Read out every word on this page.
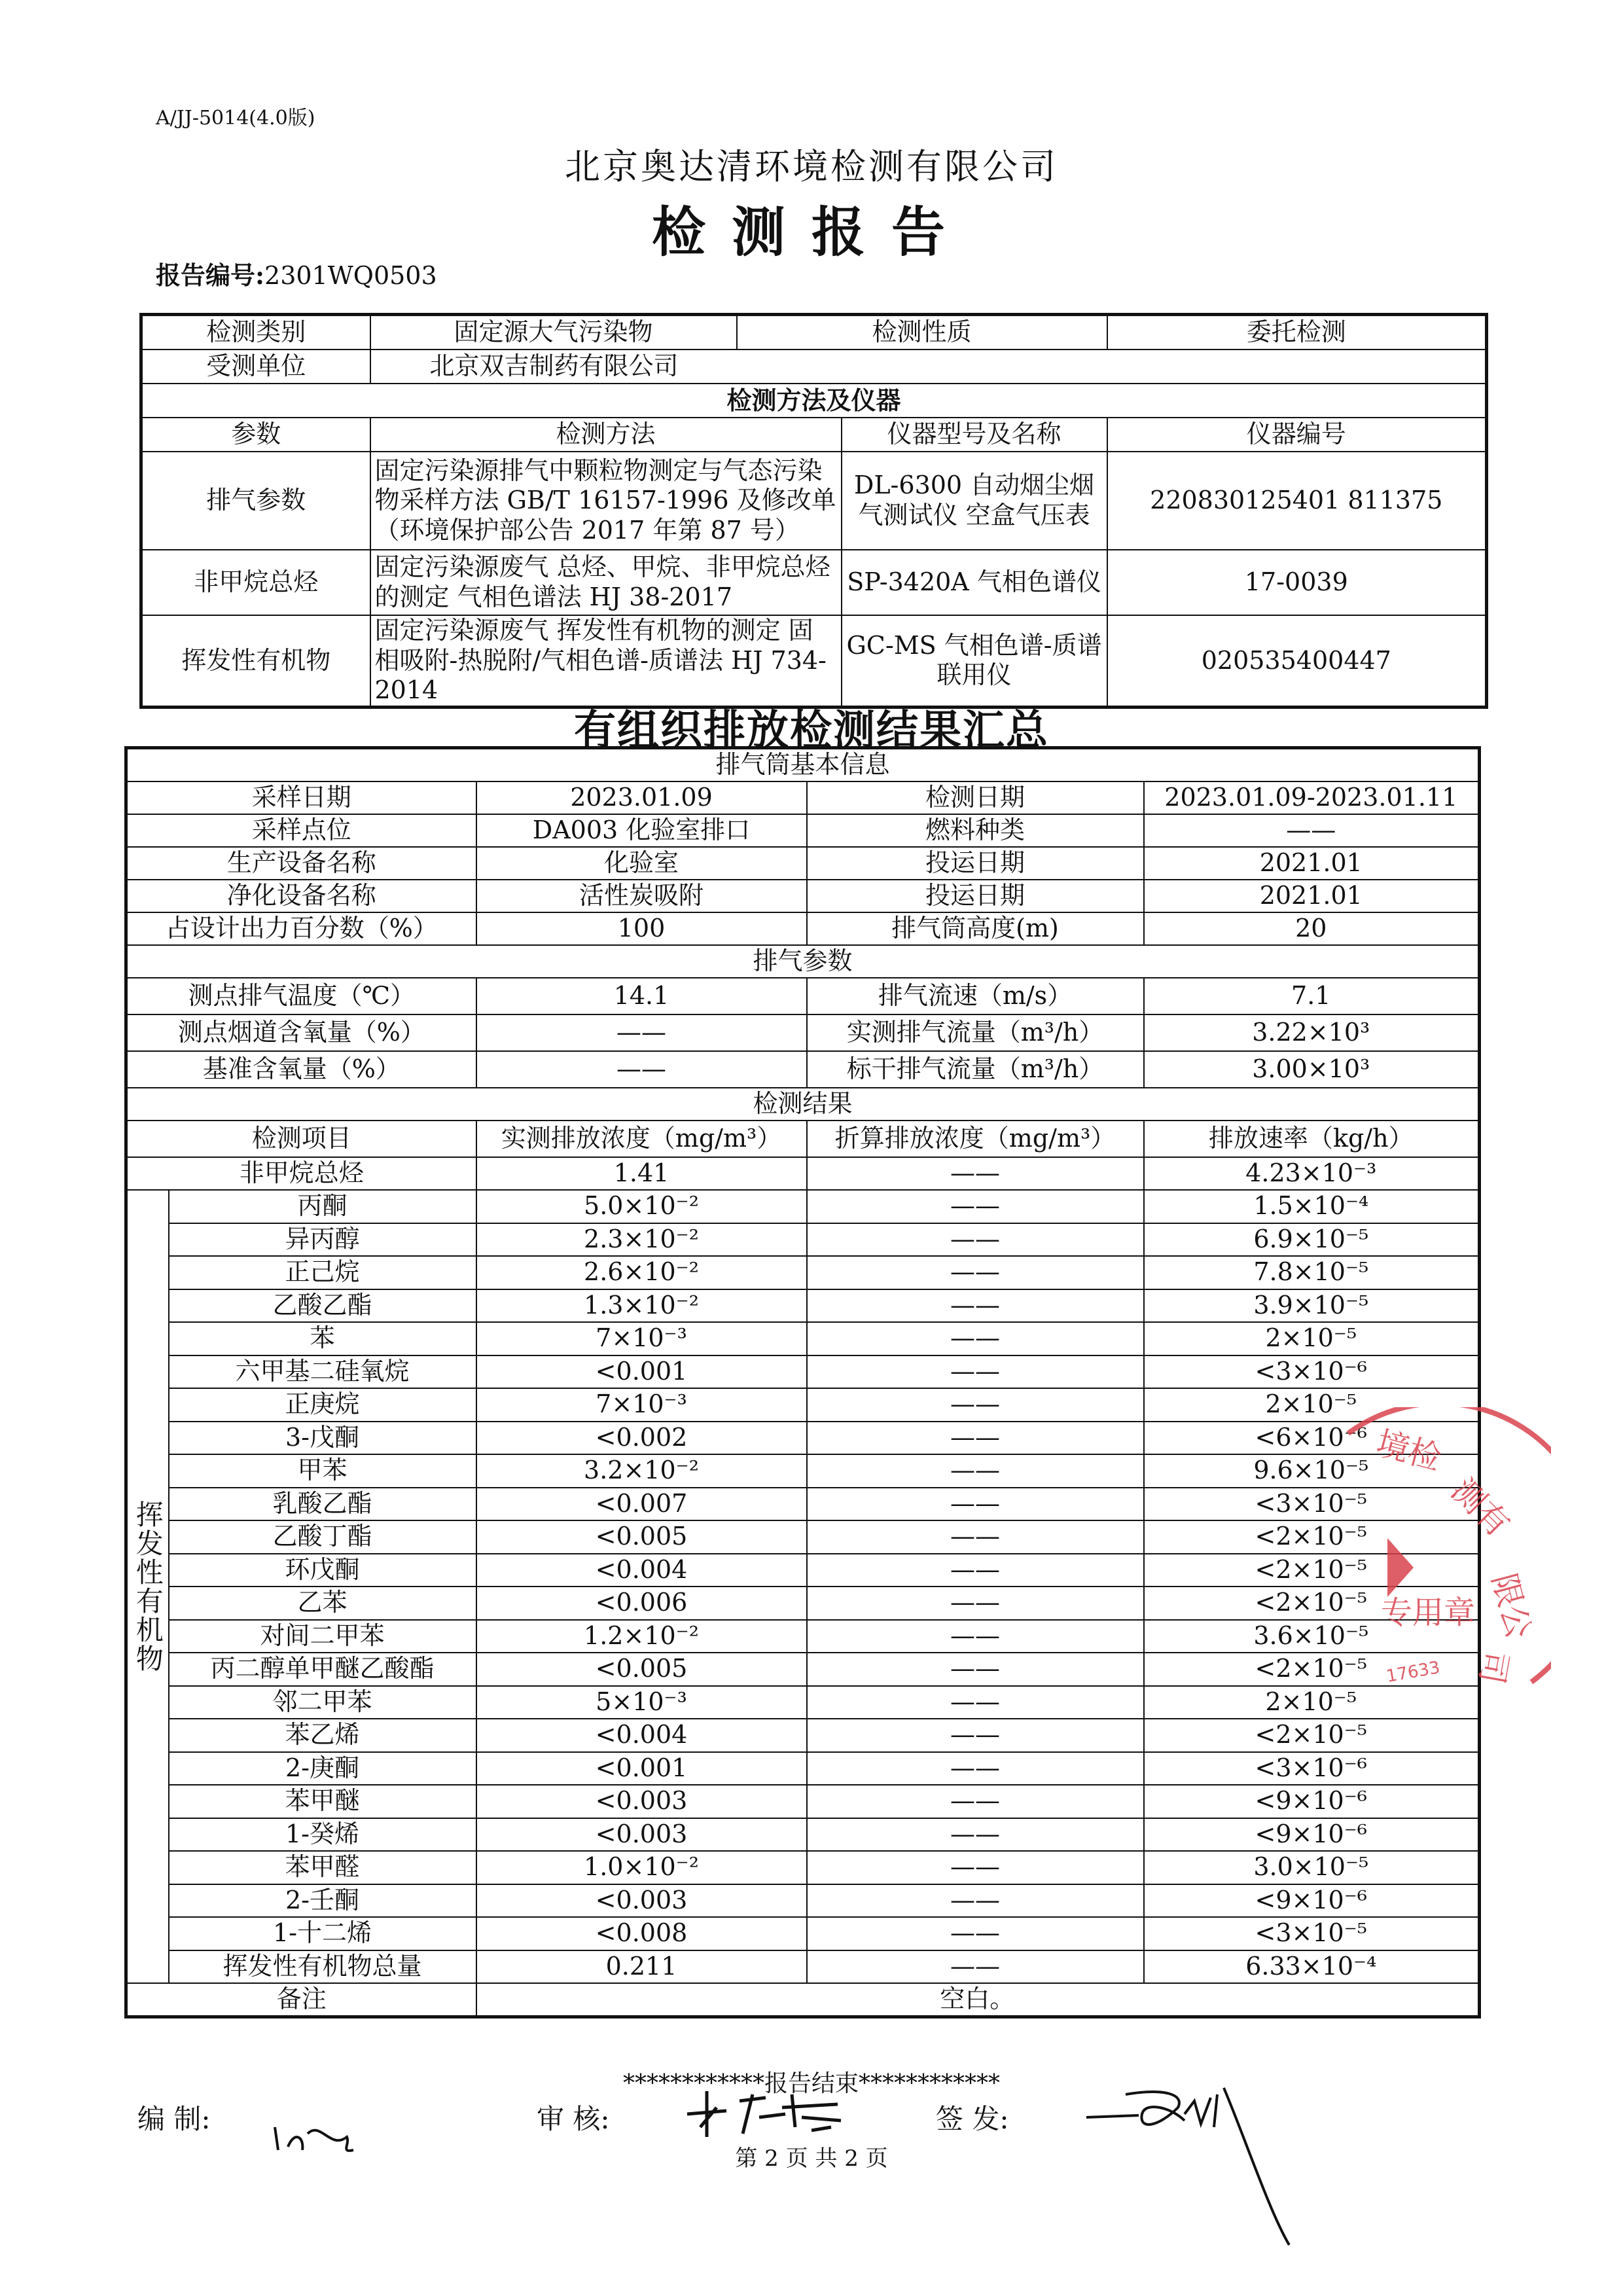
A/JJ-5014(4.0版)
北京奥达清环境检测有限公司
检测报告
报告编号:2301WQ0503
检测类别	固定源大气污染物	检测性质		委托检测
受测单位	北京双吉制药有限公司			
检测方法及仪器				
参数	检测方法		仪器型号及名称	仪器编号
排气参数	固定污染源排气中颗粒物测定与气态污染物采样方法 GB/T 16157-1996 及修改单（环境保护部公告 2017 年第 87 号）		DL-6300 自动烟尘烟气测试仪 空盒气压表	220830125401 811375
非甲烷总烃	固定污染源废气 总烃、甲烷、非甲烷总烃的测定 气相色谱法 HJ 38-2017		SP-3420A 气相色谱仪	17-0039
挥发性有机物	固定污染源废气 挥发性有机物的测定 固相吸附-热脱附/气相色谱-质谱法 HJ 734-2014		GC-MS 气相色谱-质谱联用仪	020535400447
有组织排放检测结果汇总
排气筒基本信息				
采样日期		2023.01.09	检测日期	2023.01.09-2023.01.11
采样点位		DA003 化验室排口	燃料种类	——
生产设备名称		化验室	投运日期	2021.01
净化设备名称		活性炭吸附	投运日期	2021.01
占设计出力百分数（%）		100	排气筒高度(m)	20
排气参数				
测点排气温度（℃）		14.1	排气流速（m/s）	7.1
测点烟道含氧量（%）		——	实测排气流量（m³/h）	3.22×10³
基准含氧量（%）		——	标干排气流量（m³/h）	3.00×10³
检测结果				
检测项目		实测排放浓度（mg/m³）	折算排放浓度（mg/m³）	排放速率（kg/h）
非甲烷总烃		1.41	——	4.23×10⁻³
挥发性有机物	丙酮	5.0×10⁻²	——	1.5×10⁻⁴
	异丙醇	2.3×10⁻²	——	6.9×10⁻⁵
	正己烷	2.6×10⁻²	——	7.8×10⁻⁵
	乙酸乙酯	1.3×10⁻²	——	3.9×10⁻⁵
	苯	7×10⁻³	——	2×10⁻⁵
	六甲基二硅氧烷	<0.001	——	<3×10⁻⁶
	正庚烷	7×10⁻³	——	2×10⁻⁵
	3-戊酮	<0.002	——	<6×10⁻⁶
	甲苯	3.2×10⁻²	——	9.6×10⁻⁵
	乳酸乙酯	<0.007	——	<3×10⁻⁵
	乙酸丁酯	<0.005	——	<2×10⁻⁵
	环戊酮	<0.004	——	<2×10⁻⁵
	乙苯	<0.006	——	<2×10⁻⁵
	对间二甲苯	1.2×10⁻²	——	3.6×10⁻⁵
	丙二醇单甲醚乙酸酯	<0.005	——	<2×10⁻⁵
	邻二甲苯	5×10⁻³	——	2×10⁻⁵
	苯乙烯	<0.004	——	<2×10⁻⁵
	2-庚酮	<0.001	——	<3×10⁻⁶
	苯甲醚	<0.003	——	<9×10⁻⁶
	1-癸烯	<0.003	——	<9×10⁻⁶
	苯甲醛	1.0×10⁻²	——	3.0×10⁻⁵
	2-壬酮	<0.003	——	<9×10⁻⁶
	1-十二烯	<0.008	——	<3×10⁻⁵
	挥发性有机物总量	0.211	——	6.33×10⁻⁴
备注		空白。		
境检
测有
限公
司
专用章
17633
************报告结束************
编 制:	审 核:	签 发:
第 2 页 共 2 页
